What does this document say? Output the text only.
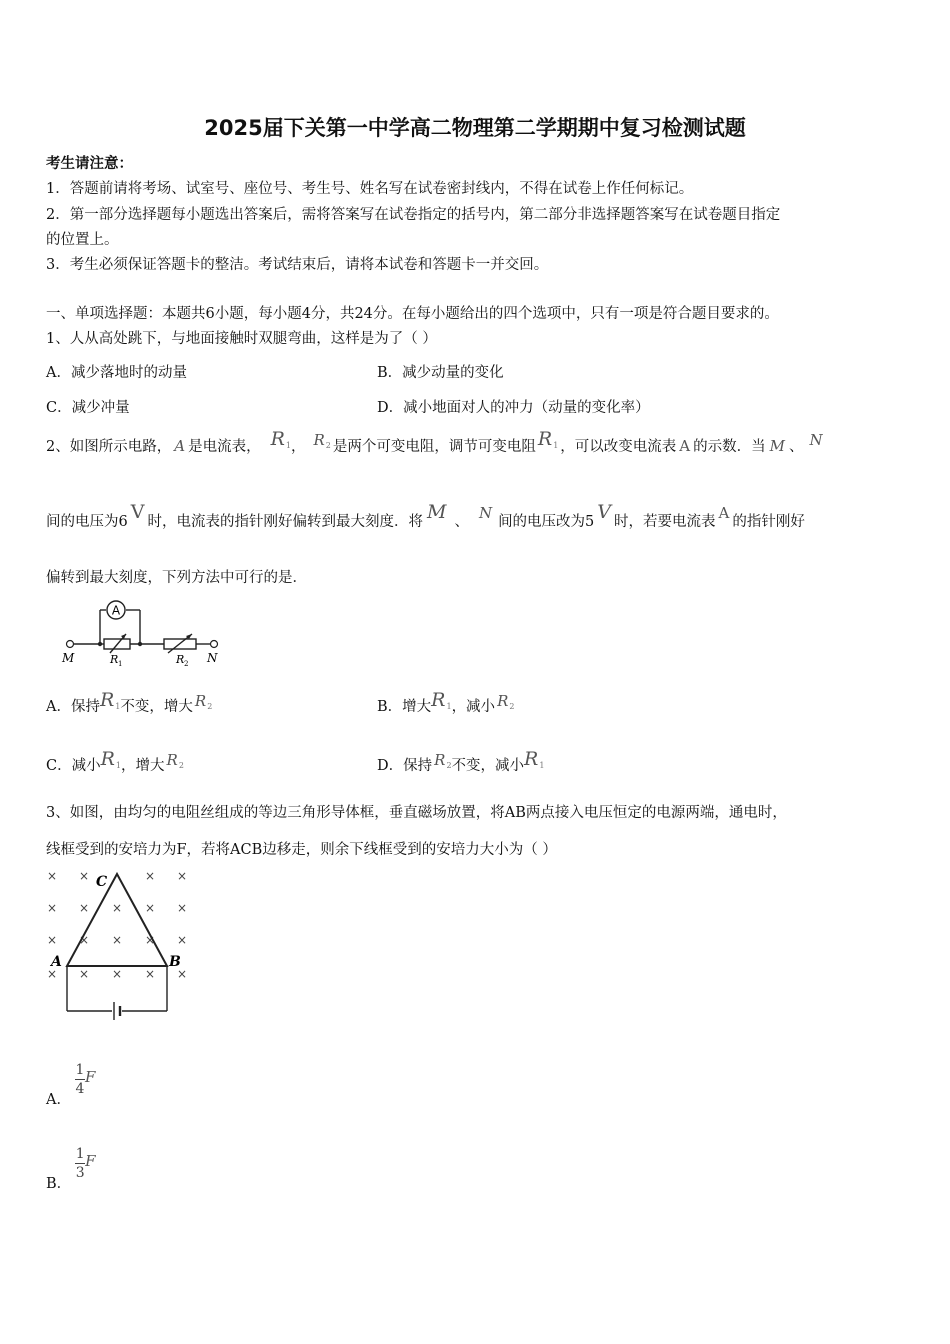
2025届下关第一中学高二物理第二学期期中复习检测试题
考生请注意：
1．答题前请将考场、试室号、座位号、考生号、姓名写在试卷密封线内，不得在试卷上作任何标记。
2．第一部分选择题每小题选出答案后，需将答案写在试卷指定的括号内，第二部分非选择题答案写在试卷题目指定
的位置上。
3．考生必须保证答题卡的整洁。考试结束后，请将本试卷和答题卡一并交回。
一、单项选择题：本题共6小题，每小题4分，共24分。在每小题给出的四个选项中，只有一项是符合题目要求的。
1、人从高处跳下，与地面接触时双腿弯曲，这样是为了（ ）
A．减少落地时的动量	B．减少动量的变化
C．减少冲量	D．减小地面对人的冲力（动量的变化率）
2、如图所示电路， A 是电流表， $R_1$， $R_2$ 是两个可变电阻，调节可变电阻 $R_1$ ，可以改变电流表 A 的示数．当 M 、 N
间的电压为6 V 时，电流表的指针刚好偏转到最大刻度．将 M 、 N 间的电压改为5 V 时，若要电流表 A 的指针刚好
偏转到最大刻度，下列方法中可行的是．
A
M	N
R 1	R 2
A．保持$R_1$不变，增大 $R_2$	B．增大$R_1$，减小 $R_2$
C．减小$R_1$，增大 $R_2$	D．保持 $R_2$不变，减小$R_1$
3、如图，由均匀的电阻丝组成的等边三角形导体框，垂直磁场放置，将AB两点接入电压恒定的电源两端，通电时，
线框受到的安培力为F，若将ACB边移走，则余下线框受到的安培力大小为（ ）
× ×	× ×
× × × × ×
× × × × ×
× × × × ×
C
A	B
A．
$\frac{1}{4}$ F
B．
$\frac{1}{3}$ F
